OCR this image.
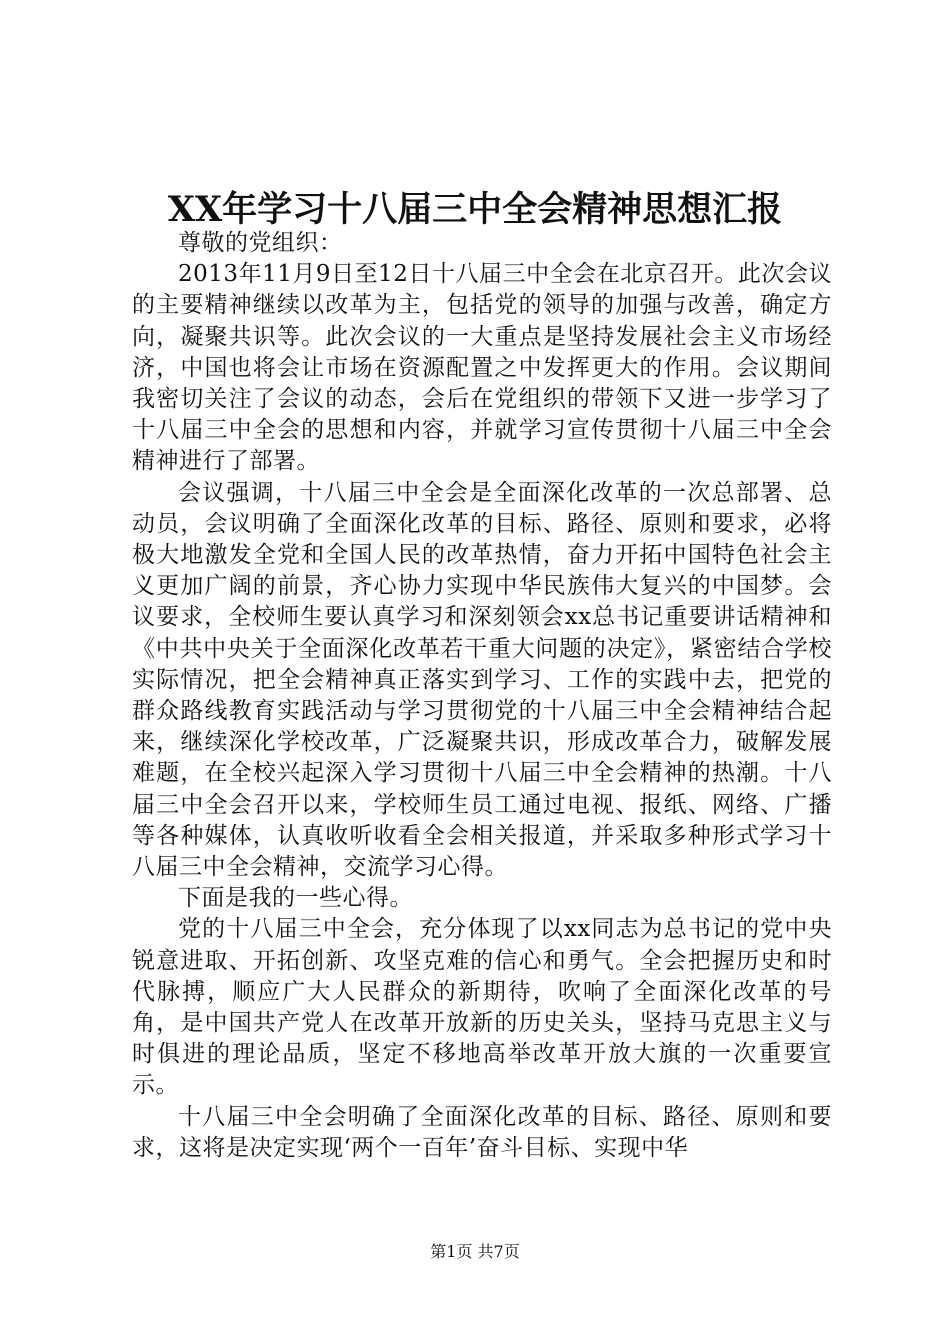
XX年学习十八届三中全会精神思想汇报

尊敬的党组织：

2013年11月9日至12日十八届三中全会在北京召开。此次会议的主要精神继续以改革为主，包括党的领导的加强与改善，确定方向，凝聚共识等。此次会议的一大重点是坚持发展社会主义市场经济，中国也将会让市场在资源配置之中发挥更大的作用。会议期间我密切关注了会议的动态，会后在党组织的带领下又进一步学习了十八届三中全会的思想和内容，并就学习宣传贯彻十八届三中全会精神进行了部署。

会议强调，十八届三中全会是全面深化改革的一次总部署、总动员，会议明确了全面深化改革的目标、路径、原则和要求，必将极大地激发全党和全国人民的改革热情，奋力开拓中国特色社会主义更加广阔的前景，齐心协力实现中华民族伟大复兴的中国梦。会议要求，全校师生要认真学习和深刻领会xx总书记重要讲话精神和《中共中央关于全面深化改革若干重大问题的决定》，紧密结合学校实际情况，把全会精神真正落实到学习、工作的实践中去，把党的群众路线教育实践活动与学习贯彻党的十八届三中全会精神结合起来，继续深化学校改革，广泛凝聚共识，形成改革合力，破解发展难题，在全校兴起深入学习贯彻十八届三中全会精神的热潮。十八届三中全会召开以来，学校师生员工通过电视、报纸、网络、广播等各种媒体，认真收听收看全会相关报道，并采取多种形式学习十八届三中全会精神，交流学习心得。

下面是我的一些心得。

党的十八届三中全会，充分体现了以xx同志为总书记的党中央锐意进取、开拓创新、攻坚克难的信心和勇气。全会把握历史和时代脉搏，顺应广大人民群众的新期待，吹响了全面深化改革的号角，是中国共产党人在改革开放新的历史关头，坚持马克思主义与时俱进的理论品质，坚定不移地高举改革开放大旗的一次重要宣示。

十八届三中全会明确了全面深化改革的目标、路径、原则和要求，这将是决定实现‘两个一百年’奋斗目标、实现中华

第1页 共7页
